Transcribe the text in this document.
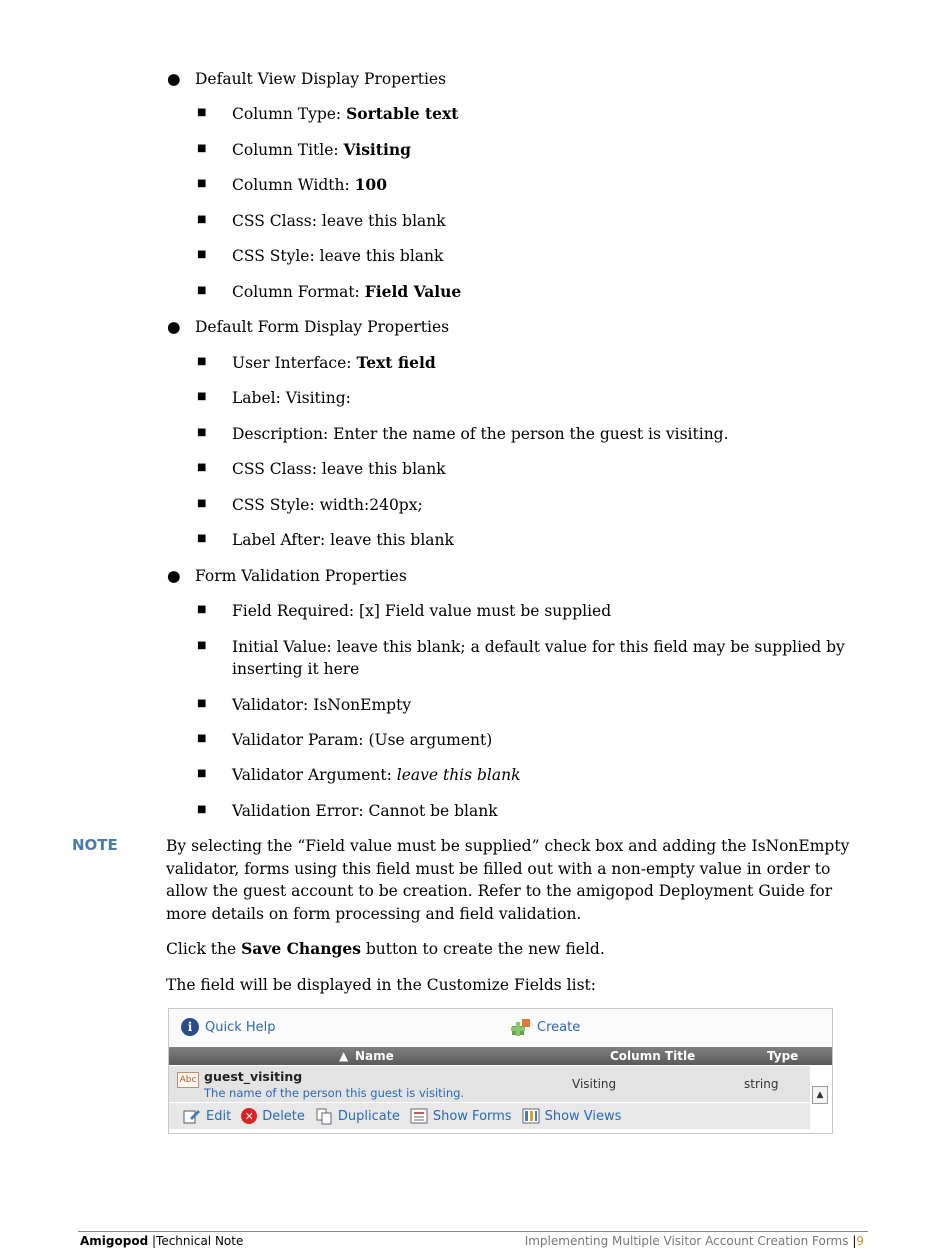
● Default View Display Properties
■ Column Type: Sortable text
■ Column Title: Visiting
■ Column Width: 100
■ CSS Class: leave this blank
■ CSS Style: leave this blank
■ Column Format: Field Value
● Default Form Display Properties
■ User Interface: Text field
■ Label: Visiting:
■ Description: Enter the name of the person the guest is visiting.
■ CSS Class: leave this blank
■ CSS Style: width:240px;
■ Label After: leave this blank
● Form Validation Properties
■ Field Required: [x] Field value must be supplied
■ Initial Value: leave this blank; a default value for this field may be supplied by inserting it here
■ Validator: IsNonEmpty
■ Validator Param: (Use argument)
■ Validator Argument: leave this blank
■ Validation Error: Cannot be blank
NOTE	By selecting the “Field value must be supplied” check box and adding the IsNonEmpty validator, forms using this field must be filled out with a non-empty value in order to allow the guest account to be creation. Refer to the amigopod Deployment Guide for more details on form processing and field validation.
Click the Save Changes button to create the new field.
The field will be displayed in the Customize Fields list:
i Quick Help	Create
▲ Name	Column Title	Type
Abc guest_visiting
The name of the person this guest is visiting.
Visiting	string
▲
Edit	✕ Delete	Duplicate	Show Forms	Show Views
Amigopod |Technical Note	Implementing Multiple Visitor Account Creation Forms |9
